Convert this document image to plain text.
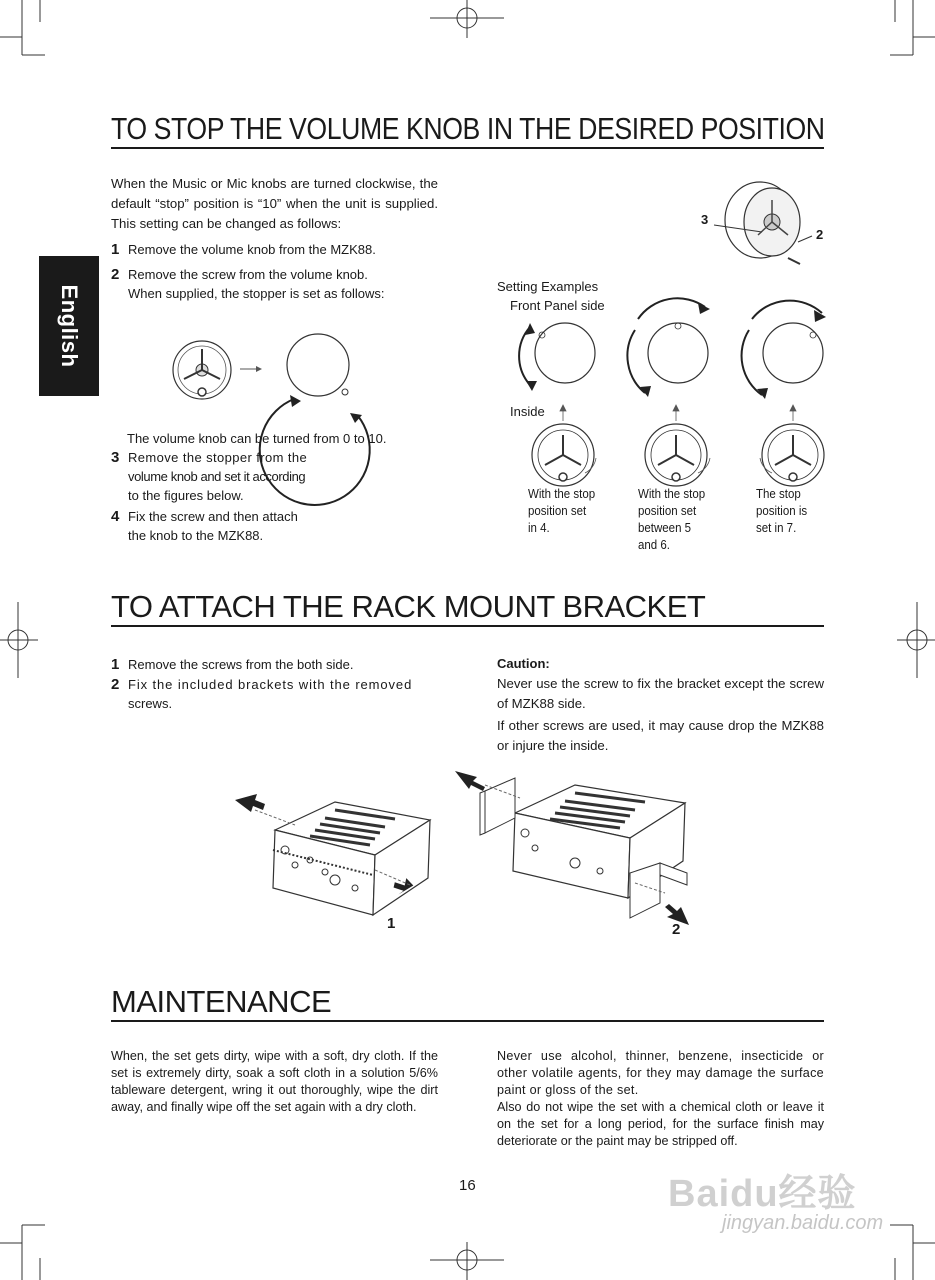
English
TO STOP THE VOLUME KNOB IN THE DESIRED POSITION
When the Music or Mic knobs are turned clockwise, the default “stop” position is “10” when the unit is supplied. This setting can be changed as follows:
1 Remove the volume knob from the MZK88.
2 Remove the screw from the volume knob.
When supplied, the stopper is set as follows:
The volume knob can be turned from 0 to 10.
3 Remove the stopper from the
volume knob and set it according
to the figures below.
4 Fix the screw and then attach
the knob to the MZK88.
3
2
Setting Examples
Front Panel side
Inside
With the stop
position set
in 4.
With the stop
position set
between 5
and 6.
The stop
position is
set in 7.
TO ATTACH THE RACK MOUNT BRACKET
1 Remove the screws from the both side.
2 Fix the included brackets with the removed
screws.
Caution:
Never use the screw to fix the bracket except the screw of MZK88 side.
If other screws are used, it may cause drop the MZK88 or injure the inside.
1	2
MAINTENANCE
When, the set gets dirty, wipe with a soft, dry cloth. If the set is extremely dirty, soak a soft cloth in a solution 5/6% tableware detergent, wring it out thoroughly, wipe the dirt away, and finally wipe off the set again with a dry cloth.
Never use alcohol, thinner, benzene, insecticide or other volatile agents, for they may damage the surface paint or gloss of the set.
Also do not wipe the set with a chemical cloth or leave it on the set for a long period, for the surface finish may deteriorate or the paint may be stripped off.
16	Baidu经验
jingyan.baidu.com
